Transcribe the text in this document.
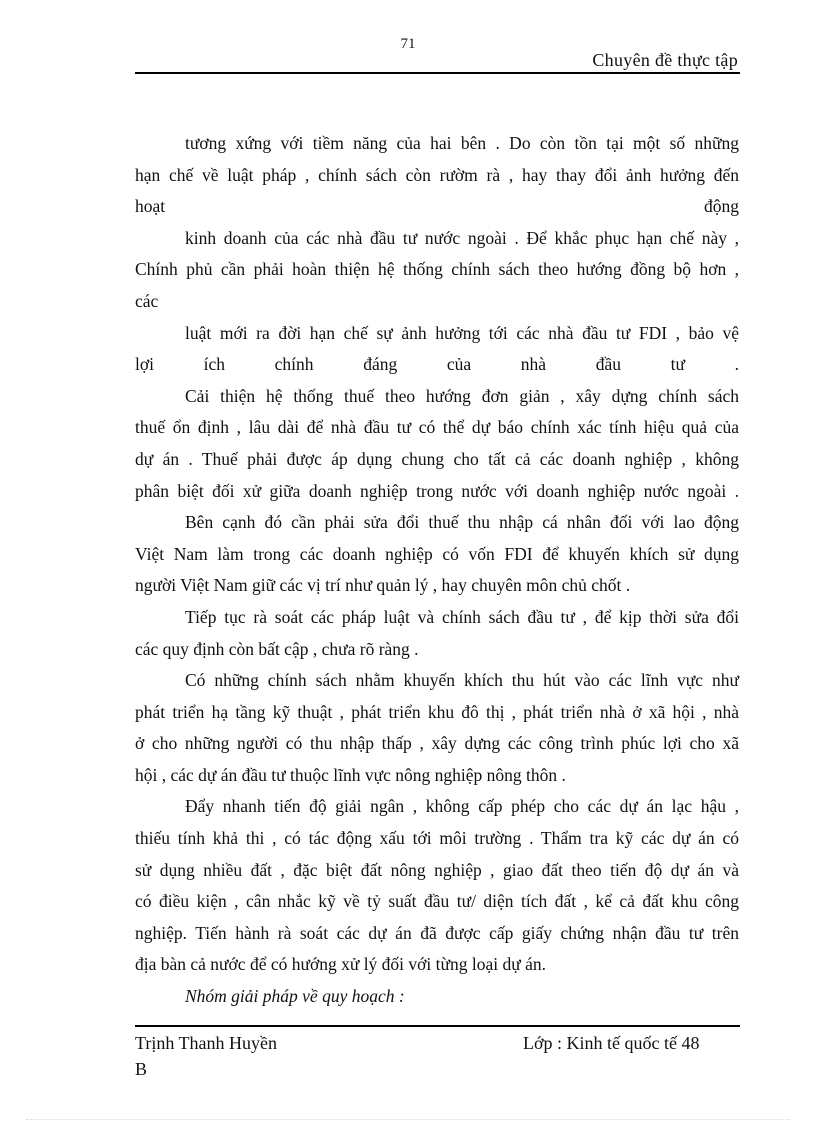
71
Chuyên đề thực tập
tương xứng với tiềm năng của hai bên . Do còn tồn tại một số những
hạn chế về luật pháp , chính sách còn rườm rà , hay thay đổi ảnh hưởng đến
hoạt	động
kinh doanh của các nhà đầu tư nước ngoài . Để khắc phục hạn chế này ,
Chính phủ cần phải hoàn thiện hệ thống chính sách theo hướng đồng bộ hơn ,
các
luật mới ra đời hạn chế sự ảnh hưởng tới các nhà đầu tư FDI , bảo vệ
lợi ích chính đáng của nhà đầu tư .
Cải thiện hệ thống thuế theo hướng đơn giản , xây dựng chính sách
thuế ổn định , lâu dài để nhà đầu tư có thể dự báo chính xác tính hiệu quả của
dự án . Thuế phải được áp dụng chung cho tất cả các doanh nghiệp , không
phân biệt đối xử giữa doanh nghiệp trong nước với doanh nghiệp nước ngoài .
Bên cạnh đó cần phải sửa đổi thuế thu nhập cá nhân đối với lao động
Việt Nam làm trong các doanh nghiệp có vốn FDI để khuyến khích sử dụng
người Việt Nam giữ các vị trí như quản lý , hay chuyên môn chủ chốt .
Tiếp tục rà soát các pháp luật và chính sách đầu tư , để kịp thời sửa đổi
các quy định còn bất cập , chưa rõ ràng .
Có những chính sách nhằm khuyến khích thu hút vào các lĩnh vực như
phát triển hạ tầng kỹ thuật , phát triển khu đô thị , phát triển nhà ở xã hội , nhà
ở cho những người có thu nhập thấp , xây dựng các công trình phúc lợi cho xã
hội , các dự án đầu tư thuộc lĩnh vực nông nghiệp nông thôn .
Đẩy nhanh tiến độ giải ngân , không cấp phép cho các dự án lạc hậu ,
thiếu tính khả thi , có tác động xấu tới môi trường . Thẩm tra kỹ các dự án có
sử dụng nhiều đất , đặc biệt đất nông nghiệp , giao đất theo tiến độ dự án và
có điều kiện , cân nhắc kỹ về tỷ suất đầu tư/ diện tích đất , kể cả đất khu công
nghiệp. Tiến hành rà soát các dự án đã được cấp giấy chứng nhận đầu tư trên
địa bàn cả nước để có hướng xử lý đối với từng loại dự án.
Nhóm giải pháp về quy hoạch :
Trịnh Thanh Huyền
B
Lớp : Kinh tế quốc tế 48
